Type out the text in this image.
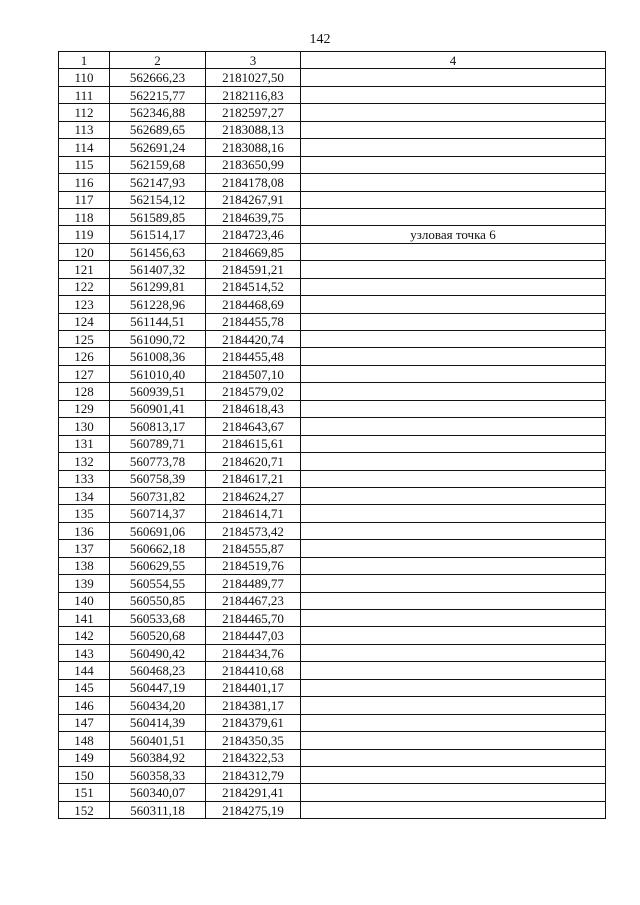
142
1	2	3	4
110	562666,23	2181027,50	
111	562215,77	2182116,83	
112	562346,88	2182597,27	
113	562689,65	2183088,13	
114	562691,24	2183088,16	
115	562159,68	2183650,99	
116	562147,93	2184178,08	
117	562154,12	2184267,91	
118	561589,85	2184639,75	
119	561514,17	2184723,46	узловая точка 6
120	561456,63	2184669,85	
121	561407,32	2184591,21	
122	561299,81	2184514,52	
123	561228,96	2184468,69	
124	561144,51	2184455,78	
125	561090,72	2184420,74	
126	561008,36	2184455,48	
127	561010,40	2184507,10	
128	560939,51	2184579,02	
129	560901,41	2184618,43	
130	560813,17	2184643,67	
131	560789,71	2184615,61	
132	560773,78	2184620,71	
133	560758,39	2184617,21	
134	560731,82	2184624,27	
135	560714,37	2184614,71	
136	560691,06	2184573,42	
137	560662,18	2184555,87	
138	560629,55	2184519,76	
139	560554,55	2184489,77	
140	560550,85	2184467,23	
141	560533,68	2184465,70	
142	560520,68	2184447,03	
143	560490,42	2184434,76	
144	560468,23	2184410,68	
145	560447,19	2184401,17	
146	560434,20	2184381,17	
147	560414,39	2184379,61	
148	560401,51	2184350,35	
149	560384,92	2184322,53	
150	560358,33	2184312,79	
151	560340,07	2184291,41	
152	560311,18	2184275,19	
